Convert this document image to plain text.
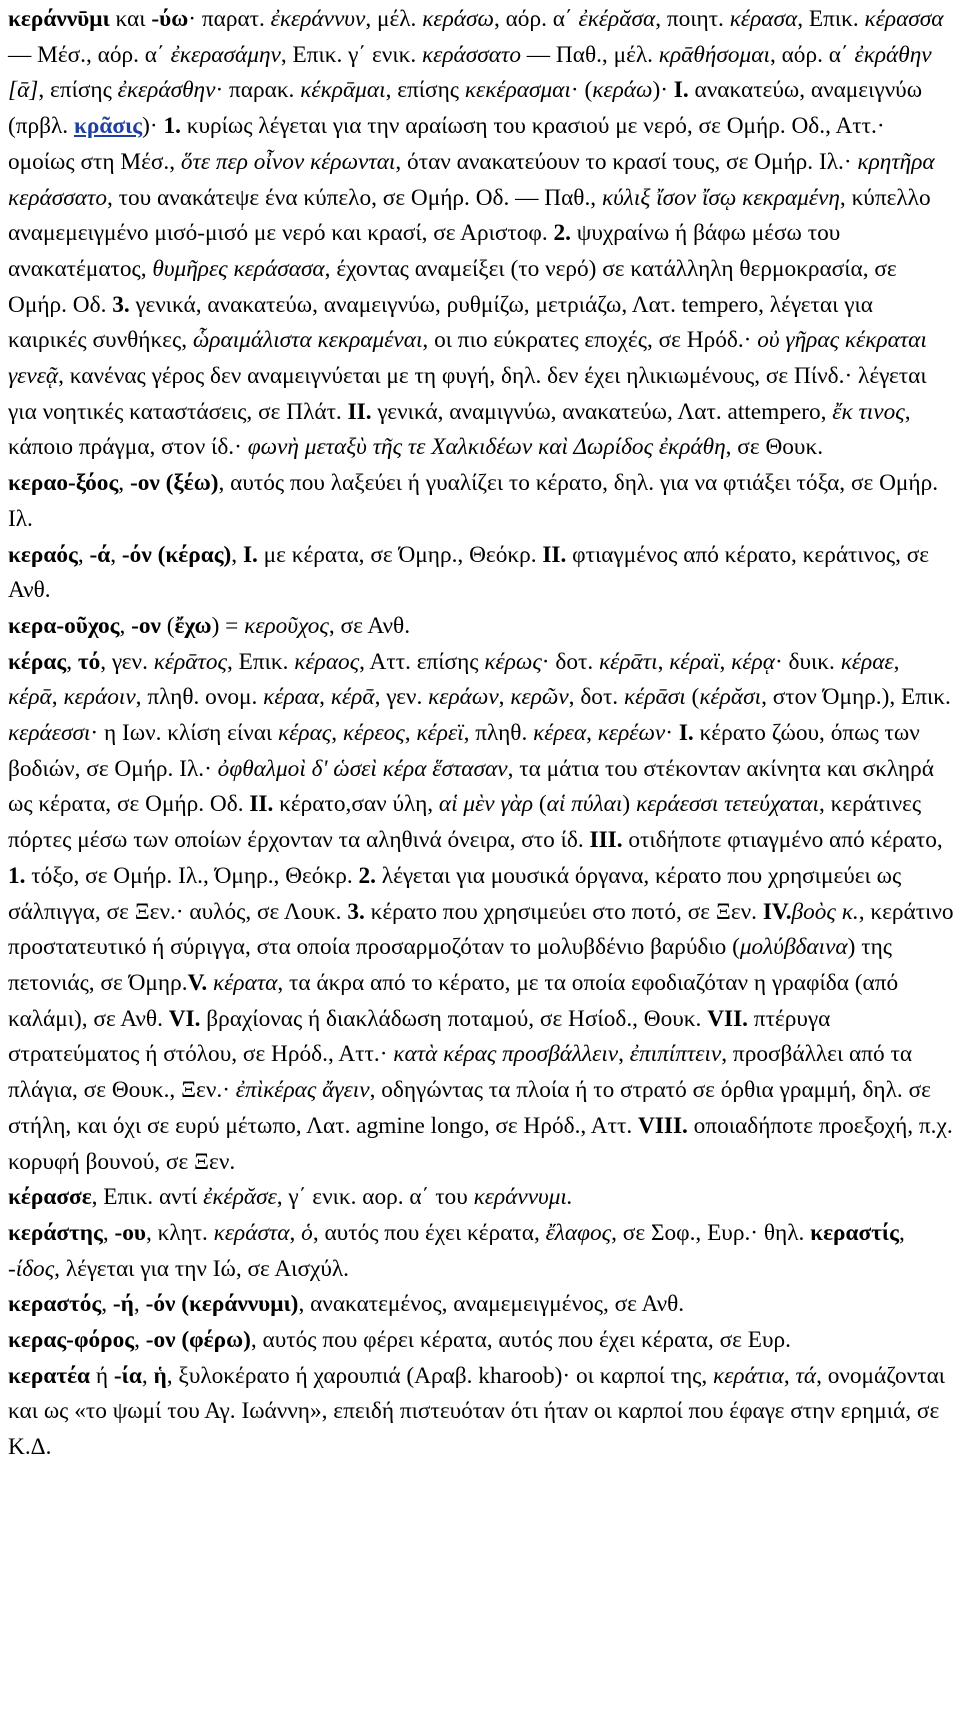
κεράννῡμι και -ύω· παρατ. ἐκεράννυν, μέλ. κεράσω, αόρ. α΄ ἐκέρᾰσα, ποιητ. κέρασα, Επικ. κέρασσα — Μέσ., αόρ. α΄ ἐκερασάμην, Επικ. γ΄ ενικ. κεράσσατο — Παθ., μέλ. κρᾱθήσομαι, αόρ. α΄ ἐκράθην [ᾱ], επίσης ἐκεράσθην· παρακ. κέκρᾱμαι, επίσης κεκέρασμαι· (κεράω)· I. ανακατεύω, αναμειγνύω (πρβλ. κρᾶσις)· 1. κυρίως λέγεται για την αραίωση του κρασιού με νερό, σε Ομήρ. Οδ., Αττ.· ομοίως στη Μέσ., ὅτε περ οἶνον κέρωνται, όταν ανακατεύουν το κρασί τους, σε Ομήρ. Ιλ.· κρητῆρα κεράσσατο, του ανακάτεψε ένα κύπελο, σε Ομήρ. Οδ. — Παθ., κύλιξ ἴσον ἴσῳ κεκραμένη, κύπελλο αναμεμειγμένο μισό-μισό με νερό και κρασί, σε Αριστοφ. 2. ψυχραίνω ή βάφω μέσω του ανακατέματος, θυμῆρες κεράσασα, έχοντας αναμείξει (το νερό) σε κατάλληλη θερμοκρασία, σε Ομήρ. Οδ. 3. γενικά, ανακατεύω, αναμειγνύω, ρυθμίζω, μετριάζω, Λατ. tempero, λέγεται για καιρικές συνθήκες, ὧραιμάλιστα κεκραμέναι, οι πιο εύκρατες εποχές, σε Ηρόδ.· οὐ γῆρας κέκραται γενεᾷ, κανένας γέρος δεν αναμειγνύεται με τη φυγή, δηλ. δεν έχει ηλικιωμένους, σε Πίνδ.· λέγεται για νοητικές καταστάσεις, σε Πλάτ. II. γενικά, αναμιγνύω, ανακατεύω, Λατ. attempero, ἔκ τινος, κάποιο πράγμα, στον ίδ.· φωνὴ μεταξὺ τῆς τε Χαλκιδέων καὶ Δωρίδος ἐκράθη, σε Θουκ.

κεραο-ξόος, -ον (ξέω), αυτός που λαξεύει ή γυαλίζει το κέρατο, δηλ. για να φτιάξει τόξα, σε Ομήρ. Ιλ.

κεραός, -ά, -όν (κέρας), I. με κέρατα, σε Όμηρ., Θεόκρ. II. φτιαγμένος από κέρατο, κεράτινος, σε Ανθ.

κερα-οῦχος, -ον (ἔχω) = κεροῦχος, σε Ανθ.

κέρας, τό, γεν. κέρᾱτος, Επικ. κέραος, Αττ. επίσης κέρως· δοτ. κέρᾱτι, κέραϊ, κέρᾳ· δυικ. κέραε, κέρᾱ, κεράοιν, πληθ. ονομ. κέραα, κέρᾱ, γεν. κεράων, κερῶν, δοτ. κέρᾱσι (κέρᾰσι, στον Όμηρ.), Επικ. κεράεσσι· η Ιων. κλίση είναι κέρας, κέρεος, κέρεϊ, πληθ. κέρεα, κερέων· I. κέρατο ζώου, όπως των βοδιών, σε Ομήρ. Ιλ.· ὀφθαλμοὶ δ' ὡσεὶ κέρα ἕστασαν, τα μάτια του στέκονταν ακίνητα και σκληρά ως κέρατα, σε Ομήρ. Οδ. II. κέρατο,σαν ύλη, αἱ μὲν γὰρ (αἱ πύλαι) κεράεσσι τετεύχαται, κεράτινες πόρτες μέσω των οποίων έρχονταν τα αληθινά όνειρα, στο ίδ. III. οτιδήποτε φτιαγμένο από κέρατο, 1. τόξο, σε Ομήρ. Ιλ., Όμηρ., Θεόκρ. 2. λέγεται για μουσικά όργανα, κέρατο που χρησιμεύει ως σάλπιγγα, σε Ξεν.· αυλός, σε Λουκ. 3. κέρατο που χρησιμεύει στο ποτό, σε Ξεν. IV.βοὸς κ., κεράτινο προστατευτικό ή σύριγγα, στα οποία προσαρμοζόταν το μολυβδένιο βαρύδιο (μολύβδαινα) της πετονιάς, σε Όμηρ.V. κέρατα, τα άκρα από το κέρατο, με τα οποία εφοδιαζόταν η γραφίδα (από καλάμι), σε Ανθ. VI. βραχίονας ή διακλάδωση ποταμού, σε Ησίοδ., Θουκ. VII. πτέρυγα στρατεύματος ή στόλου, σε Ηρόδ., Αττ.· κατὰ κέρας προσβάλλειν, ἐπιπίπτειν, προσβάλλει από τα πλάγια, σε Θουκ., Ξεν.· ἐπὶκέρας ἄγειν, οδηγώντας τα πλοία ή το στρατό σε όρθια γραμμή, δηλ. σε στήλη, και όχι σε ευρύ μέτωπο, Λατ. agmine longo, σε Ηρόδ., Αττ. VIII. οποιαδήποτε προεξοχή, π.χ. κορυφή βουνού, σε Ξεν.

κέρασσε, Επικ. αντί ἐκέρᾰσε, γ΄ ενικ. αορ. α΄ του κεράννυμι.

κεράστης, -ου, κλητ. κεράστα, ὁ, αυτός που έχει κέρατα, ἔλαφος, σε Σοφ., Ευρ.· θηλ. κεραστίς, -ίδος, λέγεται για την Ιώ, σε Αισχύλ.

κεραστός, -ή, -όν (κεράννυμι), ανακατεμένος, αναμεμειγμένος, σε Ανθ.

κερας-φόρος, -ον (φέρω), αυτός που φέρει κέρατα, αυτός που έχει κέρατα, σε Ευρ.

κερατέα ή -ία, ἡ, ξυλοκέρατο ή χαρουπιά (Αραβ. kharoob)· οι καρποί της, κεράτια, τά, ονομάζονται και ως «το ψωμί του Αγ. Ιωάννη», επειδή πιστευόταν ότι ήταν οι καρποί που έφαγε στην ερημιά, σε Κ.Δ.
